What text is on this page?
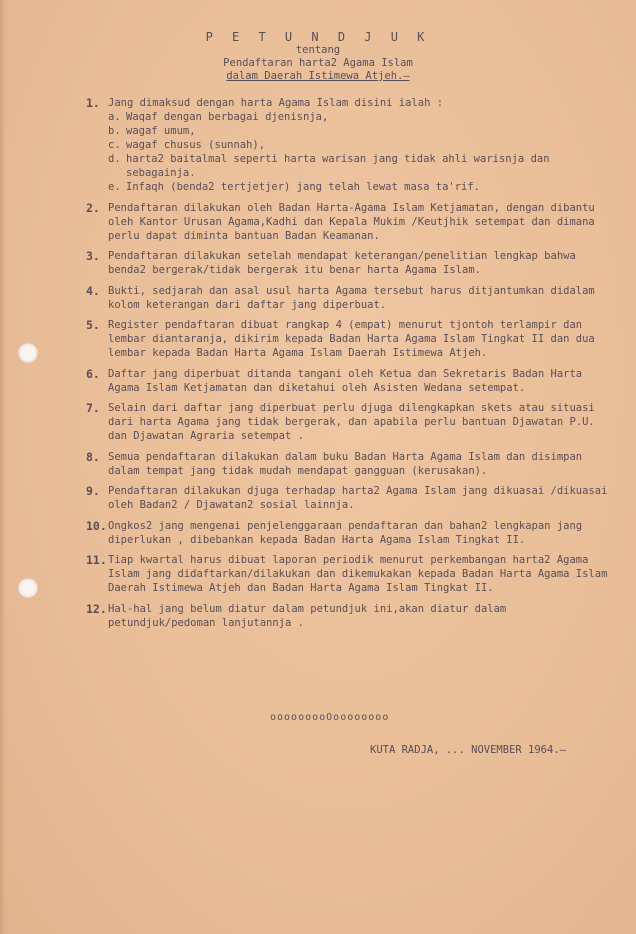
P E T U N D J U K

tentang

Pendaftaran harta2 Agama Islam

dalam Daerah Istimewa Atjeh.—

1. Jang dimaksud dengan harta Agama Islam disini ialah :

a. Waqaf dengan berbagai djenisnja,
b. wagaf umum,
c. wagaf chusus (sunnah),
d. harta2 baitalmal seperti harta warisan jang tidak ahli warisnja dan sebagainja.
e. Infaqh (benda2 tertjetjer) jang telah lewat masa ta'rif.
2. Pendaftaran dilakukan oleh Badan Harta-Agama Islam Ketjamatan, dengan dibantu oleh Kantor Urusan Agama,Kadhi dan Kepala Mukim /Keutjhik setempat dan dimana perlu dapat diminta bantuan Badan Keamanan.

3. Pendaftaran dilakukan setelah mendapat keterangan/penelitian lengkap bahwa benda2 bergerak/tidak bergerak itu benar harta Agama Islam.

4. Bukti, sedjarah dan asal usul harta Agama tersebut harus ditjantumkan didalam kolom keterangan dari daftar jang diperbuat.

5. Register pendaftaran dibuat rangkap 4 (empat) menurut tjontoh terlampir dan lembar diantaranja, dikirim kepada Badan Harta Agama Islam Tingkat II dan dua lembar kepada Badan Harta Agama Islam Daerah Istimewa Atjeh.

6. Daftar jang diperbuat ditanda tangani oleh Ketua dan Sekretaris Badan Harta Agama Islam Ketjamatan dan diketahui oleh Asisten Wedana setempat.

7. Selain dari daftar jang diperbuat perlu djuga dilengkapkan skets atau situasi dari harta Agama jang tidak bergerak, dan apabila perlu bantuan Djawatan P.U. dan Djawatan Agraria setempat .

8. Semua pendaftaran dilakukan dalam buku Badan Harta Agama Islam dan disimpan dalam tempat jang tidak mudah mendapat gangguan (kerusakan).

9. Pendaftaran dilakukan djuga terhadap harta2 Agama Islam jang dikuasai /dikuasai oleh Badan2 / Djawatan2 sosial lainnja.

10. Ongkos2 jang mengenai penjelenggaraan pendaftaran dan bahan2 lengkapan jang diperlukan , dibebankan kepada Badan Harta Agama Islam Tingkat II.

11. Tiap kwartal harus dibuat laporan periodik menurut perkembangan harta2 Agama Islam jang didaftarkan/dilakukan dan dikemukakan kepada Badan Harta Agama Islam Daerah Istimewa Atjeh dan Badan Harta Agama Islam Tingkat II.

12. Hal-hal jang belum diatur dalam petundjuk ini,akan diatur dalam petundjuk/pedoman lanjutannja .

ooooooooOoooooooo
KUTA RADJA, ... NOVEMBER 1964.—
